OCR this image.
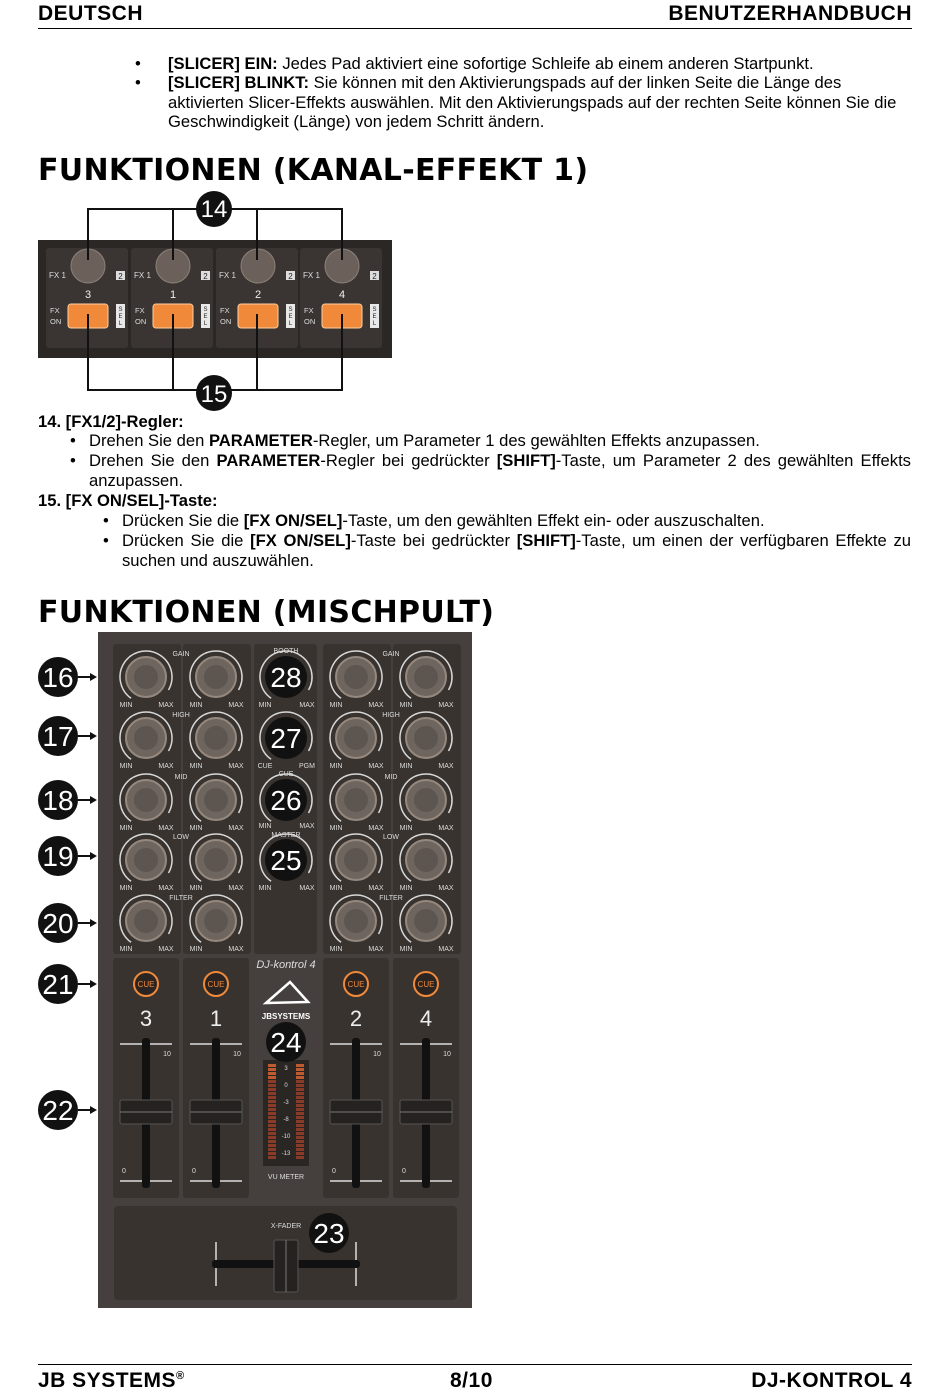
DEUTSCH	BENUTZERHANDBUCH
• [SLICER] EIN: Jedes Pad aktiviert eine sofortige Schleife ab einem anderen Startpunkt.
• [SLICER] BLINKT: Sie können mit den Aktivierungspads auf der linken Seite die Länge des aktivierten Slicer-Effekts auswählen. Mit den Aktivierungspads auf der rechten Seite können Sie die Geschwindigkeit (Länge) von jedem Schritt ändern.
FUNKTIONEN (KANAL-EFFEKT 1)
FX 1	2
3
FX
ON
S
E
L
FX 1	2
1
FX
ON
S
E
L
FX 1	2
2
FX
ON
S
E
L
FX 1	2
4
FX
ON
S
E
L
14
15
14. [FX1/2]-Regler:
• Drehen Sie den PARAMETER-Regler, um Parameter 1 des gewählten Effekts anzupassen.
• Drehen Sie den PARAMETER-Regler bei gedrückter [SHIFT]-Taste, um Parameter 2 des gewählten Effekts anzupassen.
15. [FX ON/SEL]-Taste:
• Drücken Sie die [FX ON/SEL]-Taste, um den gewählten Effekt ein- oder auszuschalten.
• Drücken Sie die [FX ON/SEL]-Taste bei gedrückter [SHIFT]-Taste, um einen der verfügbaren Effekte zu suchen und auszuwählen.
FUNKTIONEN (MISCHPULT)
MIN	MAX MIN	MAX	MIN	MAX MIN	MAX
GAIN	GAIN
MIN	MAX MIN	MAX	MIN	MAX MIN	MAX
HIGH	HIGH
MIN	MAX MIN	MAX	MIN	MAX MIN	MAX
MID	MID
MIN	MAX MIN	MAX	MIN	MAX MIN	MAX
LOW	LOW
MIN	MAX MIN	MAX	MIN	MAX MIN	MAX
FILTER	FILTER
28
27
26
25
BOOTH
CUE	PGM
CUE
MASTER
MIN	MAX
MIN	MAX
MIN	MAX
DJ-kontrol 4
JBSYSTEMS
CUE
3
10
0
CUE
1
10
0
CUE
2
10
0
CUE
4
10
0
3
0
-3
-8
-10
-13
VU METER
24
X-FADER 23
16
17
18
19
20
21
22
JB SYSTEMS®	8/10	DJ-KONTROL 4
